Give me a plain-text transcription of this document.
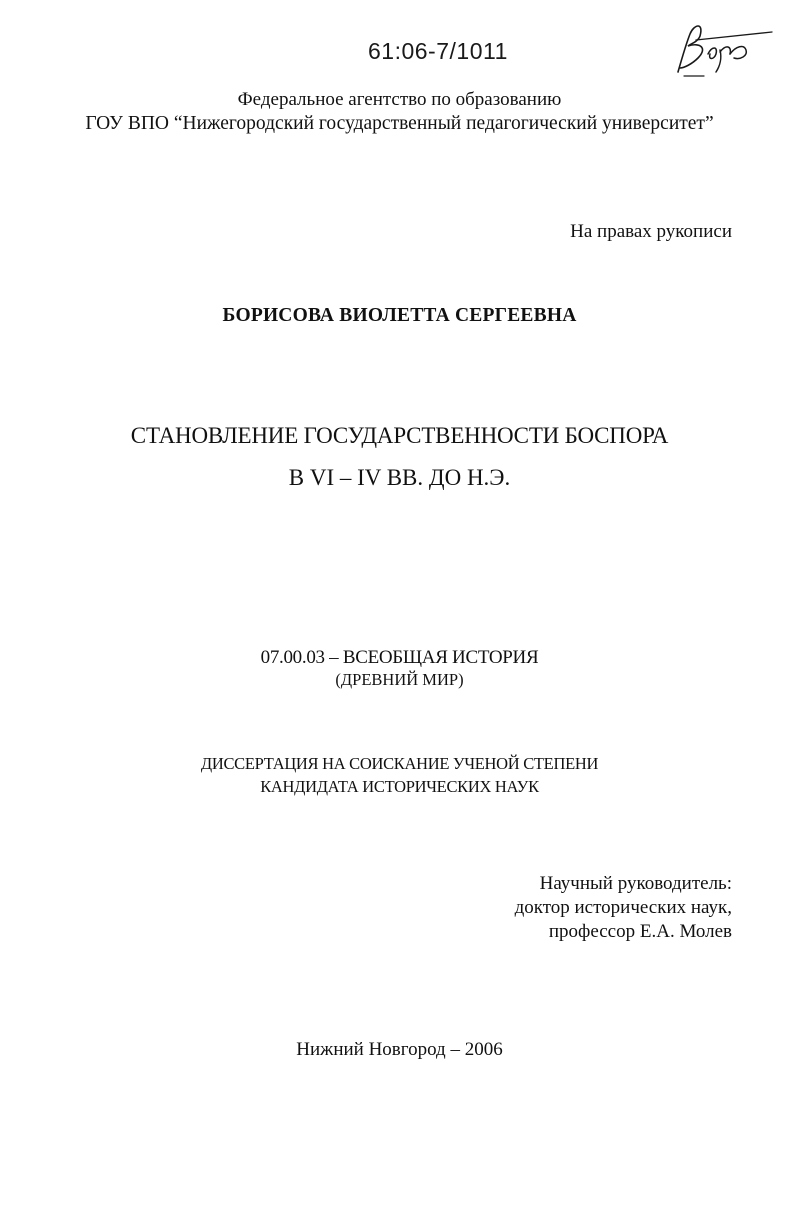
61:06-7/1011
Федеральное агентство по образованию
ГОУ ВПО “Нижегородский государственный педагогический университет”
На правах рукописи
БОРИСОВА ВИОЛЕТТА СЕРГЕЕВНА
СТАНОВЛЕНИЕ ГОСУДАРСТВЕННОСТИ БОСПОРА
В VI – IV ВВ. ДО Н.Э.
07.00.03 – ВСЕОБЩАЯ ИСТОРИЯ
(ДРЕВНИЙ МИР)
ДИССЕРТАЦИЯ НА СОИСКАНИЕ УЧЕНОЙ СТЕПЕНИ
КАНДИДАТА ИСТОРИЧЕСКИХ НАУК
Научный руководитель:
доктор исторических наук,
профессор Е.А. Молев
Нижний Новгород – 2006
